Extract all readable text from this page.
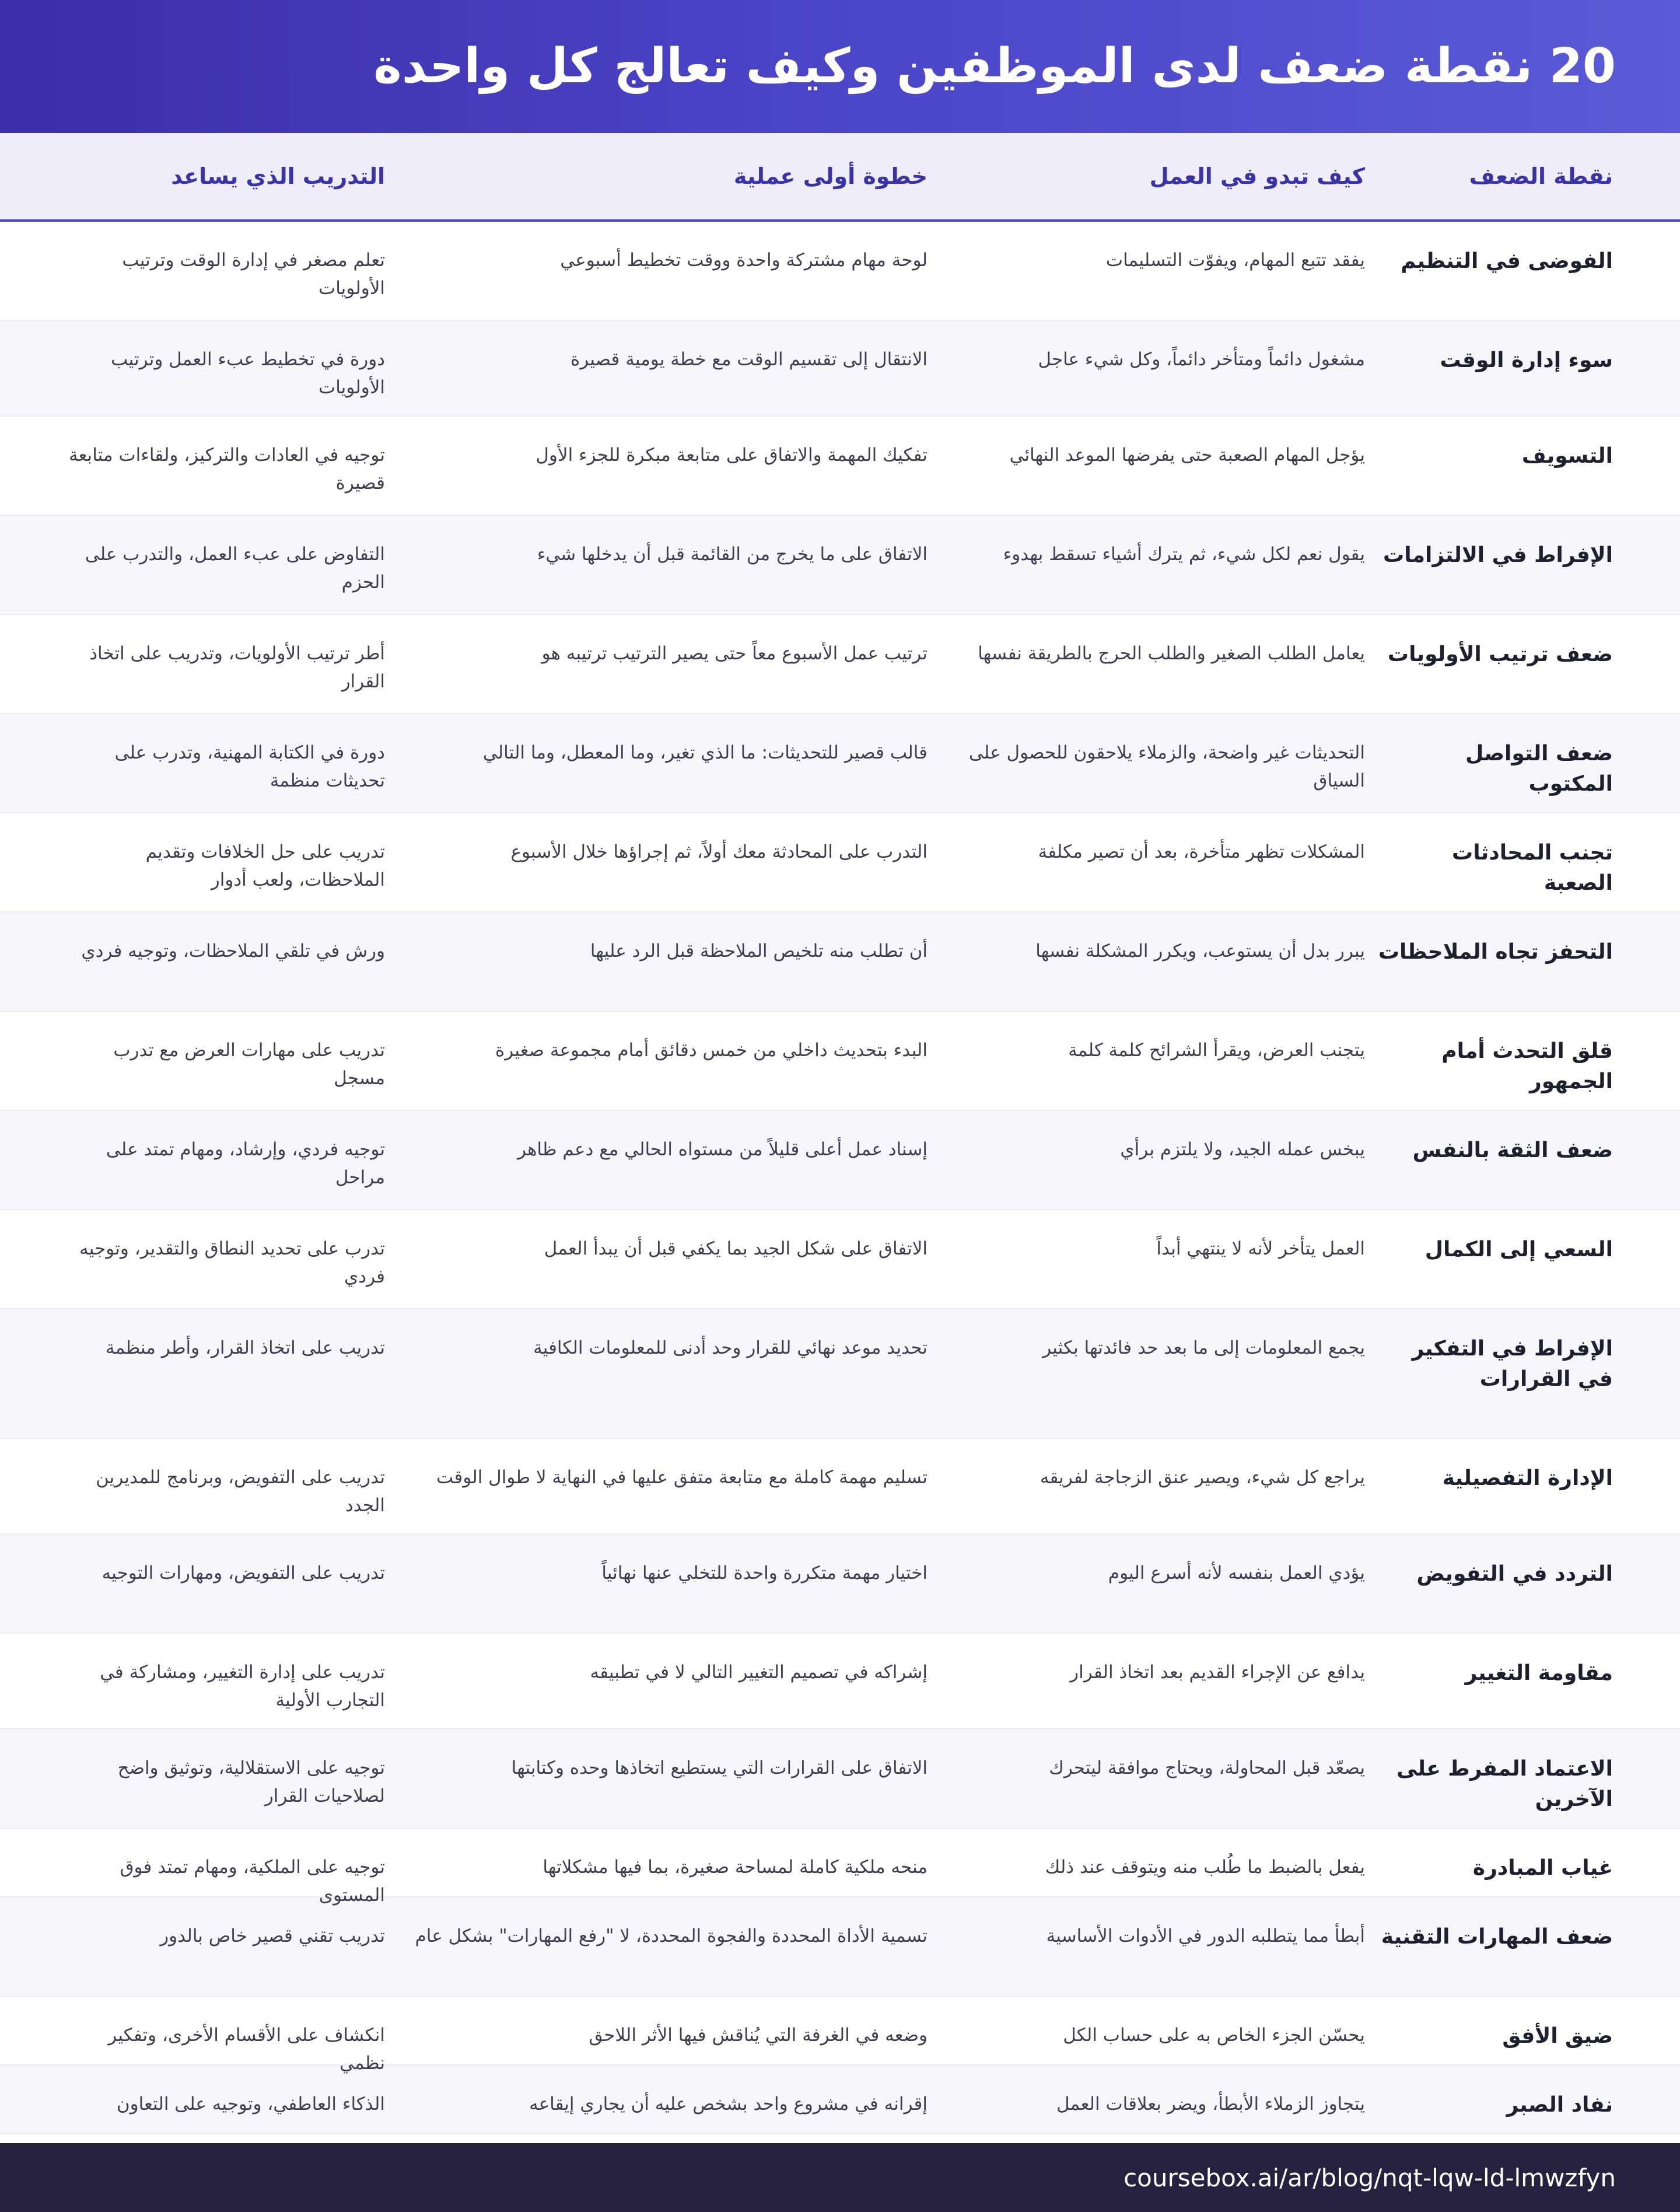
20 نقطة ضعف لدى الموظفين وكيف تعالج كل واحدة
نقطة الضعف
كيف تبدو في العمل
خطوة أولى عملية
التدريب الذي يساعد
الفوضى في التنظيم
يفقد تتبع المهام، ويفوّت التسليمات
لوحة مهام مشتركة واحدة ووقت تخطيط أسبوعي
تعلم مصغر في إدارة الوقت وترتيب الأولويات
سوء إدارة الوقت
مشغول دائماً ومتأخر دائماً، وكل شيء عاجل
الانتقال إلى تقسيم الوقت مع خطة يومية قصيرة
دورة في تخطيط عبء العمل وترتيب الأولويات
التسويف
يؤجل المهام الصعبة حتى يفرضها الموعد النهائي
تفكيك المهمة والاتفاق على متابعة مبكرة للجزء الأول
توجيه في العادات والتركيز، ولقاءات متابعة قصيرة
الإفراط في الالتزامات
يقول نعم لكل شيء، ثم يترك أشياء تسقط بهدوء
الاتفاق على ما يخرج من القائمة قبل أن يدخلها شيء
التفاوض على عبء العمل، والتدرب على الحزم
ضعف ترتيب الأولويات
يعامل الطلب الصغير والطلب الحرج بالطريقة نفسها
ترتيب عمل الأسبوع معاً حتى يصير الترتيب ترتيبه هو
أطر ترتيب الأولويات، وتدريب على اتخاذ القرار
ضعف التواصل المكتوب
التحديثات غير واضحة، والزملاء يلاحقون للحصول على السياق
قالب قصير للتحديثات: ما الذي تغير، وما المعطل، وما التالي
دورة في الكتابة المهنية، وتدرب على تحديثات منظمة
تجنب المحادثات الصعبة
المشكلات تظهر متأخرة، بعد أن تصير مكلفة
التدرب على المحادثة معك أولاً، ثم إجراؤها خلال الأسبوع
تدريب على حل الخلافات وتقديم الملاحظات، ولعب أدوار
التحفز تجاه الملاحظات
يبرر بدل أن يستوعب، ويكرر المشكلة نفسها
أن تطلب منه تلخيص الملاحظة قبل الرد عليها
ورش في تلقي الملاحظات، وتوجيه فردي
قلق التحدث أمام الجمهور
يتجنب العرض، ويقرأ الشرائح كلمة كلمة
البدء بتحديث داخلي من خمس دقائق أمام مجموعة صغيرة
تدريب على مهارات العرض مع تدرب مسجل
ضعف الثقة بالنفس
يبخس عمله الجيد، ولا يلتزم برأي
إسناد عمل أعلى قليلاً من مستواه الحالي مع دعم ظاهر
توجيه فردي، وإرشاد، ومهام تمتد على مراحل
السعي إلى الكمال
العمل يتأخر لأنه لا ينتهي أبداً
الاتفاق على شكل الجيد بما يكفي قبل أن يبدأ العمل
تدرب على تحديد النطاق والتقدير، وتوجيه فردي
الإفراط في التفكير في القرارات
يجمع المعلومات إلى ما بعد حد فائدتها بكثير
تحديد موعد نهائي للقرار وحد أدنى للمعلومات الكافية
تدريب على اتخاذ القرار، وأطر منظمة
الإدارة التفصيلية
يراجع كل شيء، ويصير عنق الزجاجة لفريقه
تسليم مهمة كاملة مع متابعة متفق عليها في النهاية لا طوال الوقت
تدريب على التفويض، وبرنامج للمديرين الجدد
التردد في التفويض
يؤدي العمل بنفسه لأنه أسرع اليوم
اختيار مهمة متكررة واحدة للتخلي عنها نهائياً
تدريب على التفويض، ومهارات التوجيه
مقاومة التغيير
يدافع عن الإجراء القديم بعد اتخاذ القرار
إشراكه في تصميم التغيير التالي لا في تطبيقه
تدريب على إدارة التغيير، ومشاركة في التجارب الأولية
الاعتماد المفرط على الآخرين
يصعّد قبل المحاولة، ويحتاج موافقة ليتحرك
الاتفاق على القرارات التي يستطيع اتخاذها وحده وكتابتها
توجيه على الاستقلالية، وتوثيق واضح لصلاحيات القرار
غياب المبادرة
يفعل بالضبط ما طُلب منه ويتوقف عند ذلك
منحه ملكية كاملة لمساحة صغيرة، بما فيها مشكلاتها
توجيه على الملكية، ومهام تمتد فوق المستوى
ضعف المهارات التقنية
أبطأ مما يتطلبه الدور في الأدوات الأساسية
تسمية الأداة المحددة والفجوة المحددة، لا "رفع المهارات" بشكل عام
تدريب تقني قصير خاص بالدور
ضيق الأفق
يحسّن الجزء الخاص به على حساب الكل
وضعه في الغرفة التي يُناقش فيها الأثر اللاحق
انكشاف على الأقسام الأخرى، وتفكير نظمي
نفاد الصبر
يتجاوز الزملاء الأبطأ، ويضر بعلاقات العمل
إقرانه في مشروع واحد بشخص عليه أن يجاري إيقاعه
الذكاء العاطفي، وتوجيه على التعاون
coursebox.ai/ar/blog/nqt-lqw-ld-lmwzfyn
